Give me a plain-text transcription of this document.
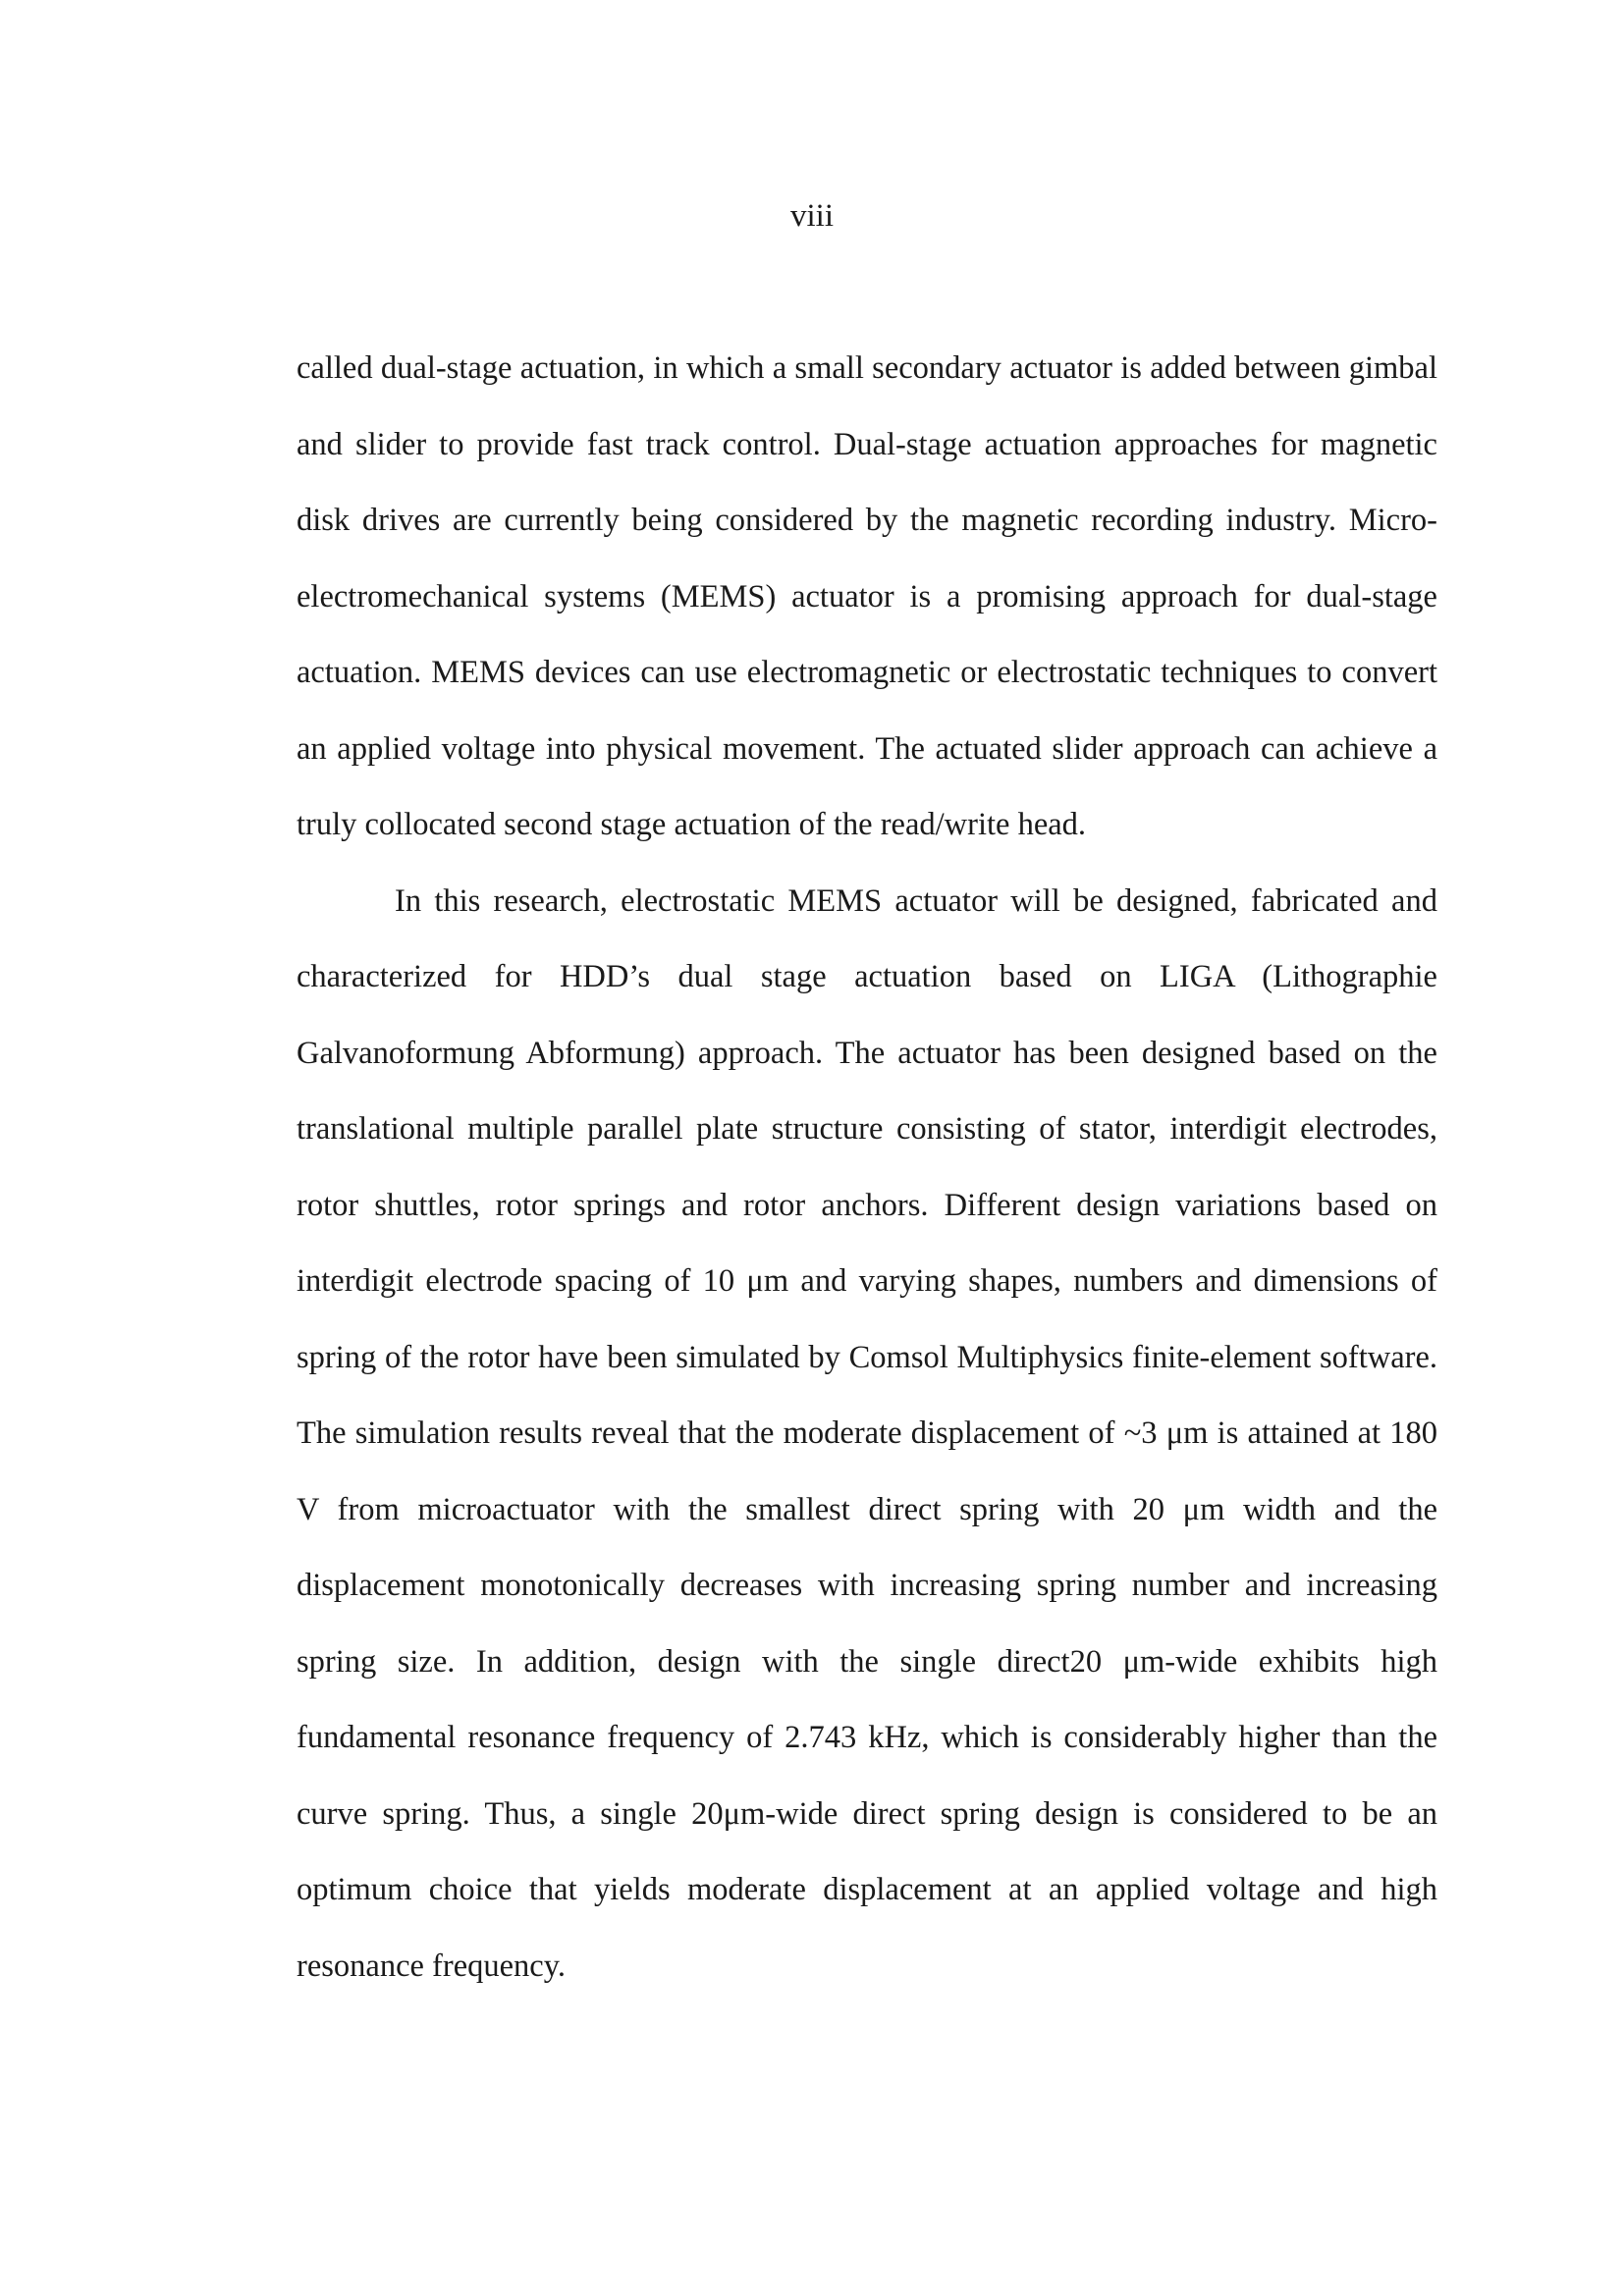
viii

called dual-stage actuation, in which a small secondary actuator is added between gimbal and slider to provide fast track control. Dual-stage actuation approaches for magnetic disk drives are currently being considered by the magnetic recording industry. Micro-electromechanical systems (MEMS) actuator is a promising approach for dual-stage actuation. MEMS devices can use electromagnetic or electrostatic techniques to convert an applied voltage into physical movement. The actuated slider approach can achieve a truly collocated second stage actuation of the read/write head.

In this research, electrostatic MEMS actuator will be designed, fabricated and characterized for HDD’s dual stage actuation based on LIGA (Lithographie Galvanoformung Abformung) approach. The actuator has been designed based on the translational multiple parallel plate structure consisting of stator, interdigit electrodes, rotor shuttles, rotor springs and rotor anchors. Different design variations based on interdigit electrode spacing of 10 μm and varying shapes, numbers and dimensions of spring of the rotor have been simulated by Comsol Multiphysics finite-element software. The simulation results reveal that the moderate displacement of ~3 μm is attained at 180 V from microactuator with the smallest direct spring with 20 μm width and the displacement monotonically decreases with increasing spring number and increasing spring size. In addition, design with the single direct20 μm-wide exhibits high fundamental resonance frequency of 2.743 kHz, which is considerably higher than the curve spring. Thus, a single 20μm-wide direct spring design is considered to be an optimum choice that yields moderate displacement at an applied voltage and high resonance frequency.
